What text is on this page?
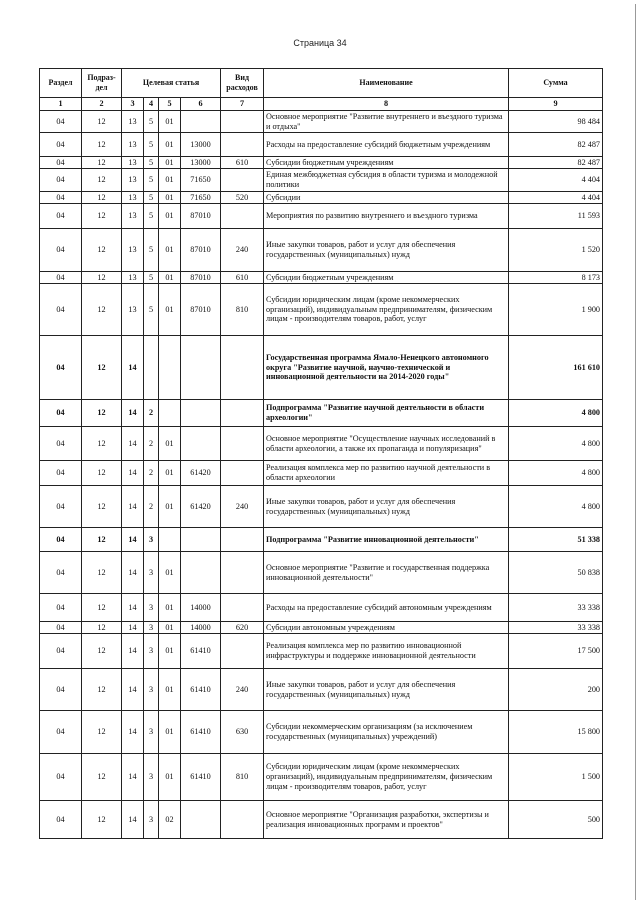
Страница 34
Раздел	Подраз-дел	Целевая статья				Вид расходов	Наименование	Сумма
1	2	3	4	5	6	7	8	9
04	12	13	5	01			Основное мероприятие "Развитие внутреннего и въездного туризма и отдыха"	98 484
04	12	13	5	01	13000		Расходы на предоставление субсидий бюджетным учреждениям	82 487
04	12	13	5	01	13000	610	Субсидии бюджетным учреждениям	82 487
04	12	13	5	01	71650		Единая межбюджетная субсидия в области туризма и молодежной политики	4 404
04	12	13	5	01	71650	520	Субсидии	4 404
04	12	13	5	01	87010		Мероприятия по развитию внутреннего и въездного туризма	11 593
04	12	13	5	01	87010	240	Иные закупки товаров, работ и услуг для обеспечения государственных (муниципальных) нужд	1 520
04	12	13	5	01	87010	610	Субсидии бюджетным учреждениям	8 173
04	12	13	5	01	87010	810	Субсидии юридическим лицам (кроме некоммерческих организаций), индивидуальным предпринимателям, физическим лицам - производителям товаров, работ, услуг	1 900
04	12	14					Государственная программа Ямало-Ненецкого автономного округа "Развитие научной, научно-технической и инновационной деятельности на 2014-2020 годы"	161 610
04	12	14	2				Подпрограмма "Развитие научной деятельности в области археологии"	4 800
04	12	14	2	01			Основное мероприятие "Осуществление научных исследований в области археологии, а также их пропаганда и популяризация"	4 800
04	12	14	2	01	61420		Реализация комплекса мер по развитию научной деятельности в области археологии	4 800
04	12	14	2	01	61420	240	Иные закупки товаров, работ и услуг для обеспечения государственных (муниципальных) нужд	4 800
04	12	14	3				Подпрограмма "Развитие инновационной деятельности"	51 338
04	12	14	3	01			Основное мероприятие "Развитие и государственная поддержка инновационной деятельности"	50 838
04	12	14	3	01	14000		Расходы на предоставление субсидий автономным учреждениям	33 338
04	12	14	3	01	14000	620	Субсидии автономным учреждениям	33 338
04	12	14	3	01	61410		Реализация комплекса мер по развитию инновационной инфраструктуры и поддержке инновационной деятельности	17 500
04	12	14	3	01	61410	240	Иные закупки товаров, работ и услуг для обеспечения государственных (муниципальных) нужд	200
04	12	14	3	01	61410	630	Субсидии некоммерческим организациям (за исключением государственных (муниципальных) учреждений)	15 800
04	12	14	3	01	61410	810	Субсидии юридическим лицам (кроме некоммерческих организаций), индивидуальным предпринимателям, физическим лицам - производителям товаров, работ, услуг	1 500
04	12	14	3	02			Основное мероприятие "Организация разработки, экспертизы и реализация инновационных программ и проектов"	500
